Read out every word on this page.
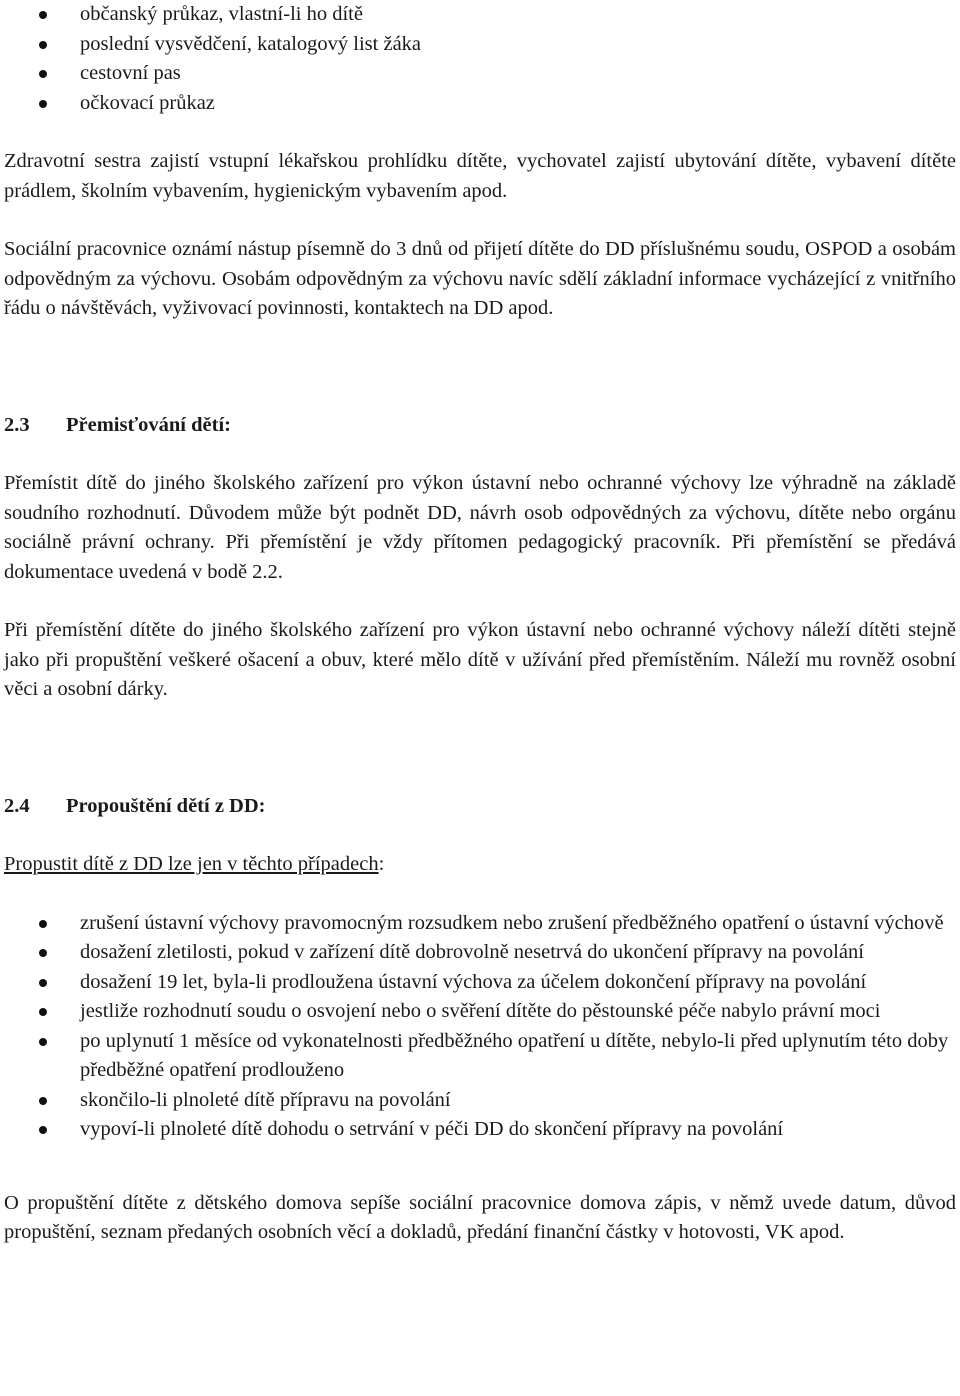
občanský průkaz, vlastní-li ho dítě
poslední vysvědčení, katalogový list žáka
cestovní pas
očkovací průkaz

Zdravotní sestra zajistí vstupní lékařskou prohlídku dítěte, vychovatel zajistí ubytování dítěte, vybavení dítěte prádlem, školním vybavením, hygienickým vybavením apod.

Sociální pracovnice oznámí nástup písemně do 3 dnů od přijetí dítěte do DD příslušnému soudu, OSPOD a osobám odpovědným za výchovu. Osobám odpovědným za výchovu navíc sdělí základní informace vycházející z vnitřního řádu o návštěvách, vyživovací povinnosti, kontaktech na DD apod.

2.3 Přemisťování dětí:

Přemístit dítě do jiného školského zařízení pro výkon ústavní nebo ochranné výchovy lze výhradně na základě soudního rozhodnutí. Důvodem může být podnět DD, návrh osob odpovědných za výchovu, dítěte nebo orgánu sociálně právní ochrany. Při přemístění je vždy přítomen pedagogický pracovník. Při přemístění se předává dokumentace uvedená v bodě 2.2.

Při přemístění dítěte do jiného školského zařízení pro výkon ústavní nebo ochranné výchovy náleží dítěti stejně jako při propuštění veškeré ošacení a obuv, které mělo dítě v užívání před přemístěním. Náleží mu rovněž osobní věci a osobní dárky.

2.4 Propouštění dětí z DD:

Propustit dítě z DD lze jen v těchto případech:

zrušení ústavní výchovy pravomocným rozsudkem nebo zrušení předběžného opatření o ústavní výchově
dosažení zletilosti, pokud v zařízení dítě dobrovolně nesetrvá do ukončení přípravy na povolání
dosažení 19 let, byla-li prodloužena ústavní výchova za účelem dokončení přípravy na povolání
jestliže rozhodnutí soudu o osvojení nebo o svěření dítěte do pěstounské péče nabylo právní moci
po uplynutí 1 měsíce od vykonatelnosti předběžného opatření u dítěte, nebylo-li před uplynutím této doby předběžné opatření prodlouženo
skončilo-li plnoleté dítě přípravu na povolání
vypoví-li plnoleté dítě dohodu o setrvání v péči DD do skončení přípravy na povolání

O propuštění dítěte z dětského domova sepíše sociální pracovnice domova zápis, v němž uvede datum, důvod propuštění, seznam předaných osobních věcí a dokladů, předání finanční částky v hotovosti, VK apod.
